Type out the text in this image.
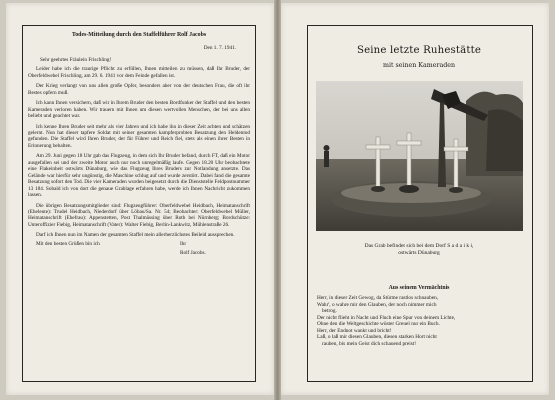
Todes-Mitteilung durch den Staffelführer Rolf Jacobs
Den 1. 7. 1941.
Sehr geehrtes Fräulein Frischling!

Leider habe ich die traurige Pflicht zu erfüllen, Ihnen mitteilen zu müssen, daß Ihr Bruder, der Oberfeldwebel Frischling, am 29. 6. 1941 vor dem Feinde gefallen ist.

Der Krieg verlangt von uns allen große Opfer, besonders aber von der deutschen Frau, die oft ihr Bestes opfern muß.

Ich kann Ihnen versichern, daß wir in Ihrem Bruder den besten Bordfunker der Staffel und den besten Kameraden verloren haben. Wir trauern mit Ihnen um diesen wertvollen Menschen, der bei uns allen beliebt und geachtet war.

Ich kenne Ihren Bruder seit mehr als vier Jahren und ich habe ihn in dieser Zeit achten und schätzen gelernt. Nun hat dieser tapfere Soldat mit seiner gesamten kampferprobten Besatzung den Heldentod gefunden. Die Staffel wird Ihren Bruder, der für Führer und Reich fiel, stets als einen ihrer Besten in Erinnerung behalten.

Am 29. Juni gegen 18 Uhr gab das Flugzeug, in dem sich Ihr Bruder befand, durch FT, daß ein Motor ausgefallen sei und der zweite Motor auch nur noch unregelmäßig laufe. Gegen 18.20 Uhr beobachtete eine Flakeinheit ostwärts Dünaburg, wie das Flugzeug Ihres Bruders zur Notlandung ansetzte. Das Gelände war hierfür sehr ungünstig, die Maschine schlug auf und wurde zerstört. Dabei fand die gesamte Besatzung sofort den Tod. Die vier Kameraden wurden beigesetzt durch die Dienststelle Feldpostnummer 13 184. Sobald ich von dort die genaue Grablage erfahren habe, werde ich Ihnen Nachricht zukommen lassen.

Die übrigen Besatzungsmitglieder sind: Flugzeugführer: Oberfeldwebel Heidbach, Heimatanschrift (Eheleute): Trudel Heidbach, Niederdorf über Löbau/Sa. Nr. 54; Beobachter: Oberfeldwebel Müller, Heimatanschrift (Ehefrau): Appenstetten, Post Thalmässing über Roth bei Nürnberg; Bordschütze: Unteroffizier Fiebig, Heimatanschrift (Vater): Walter Fiebig, Berlin-Lankwitz, Mühlenstraße 26.

Darf ich Ihnen nun im Namen der gesamten Staffel mein allerherzlichstes Beileid aussprechen.

Mit den besten Grüßen bin ich	Ihr
Rolf Jacobs.
Seine letzte Ruhestätte
mit seinen Kameraden
Das Grab befindet sich bei dem Dorf S a d a i k i,
ostwärts Dünaburg
Aus seinem Vermächtnis
Herr, in dieser Zeit Gewog, da Stürme rastlos schnauben,
Wahr', o wahre mir den Glauben, der noch nimmer mich
betrog.
Der nicht flieht in Nacht und Fluch eine Spur von deinem Lichte,
Ohne den die Weltgeschichte wüster Greuel nur ein Buch.
Herr, der Endnot wankt und bricht!
Laß, o laß mir diesen Glauben, diesen starken Hort nicht
rauben, bis mein Geist dich schauend preist!
